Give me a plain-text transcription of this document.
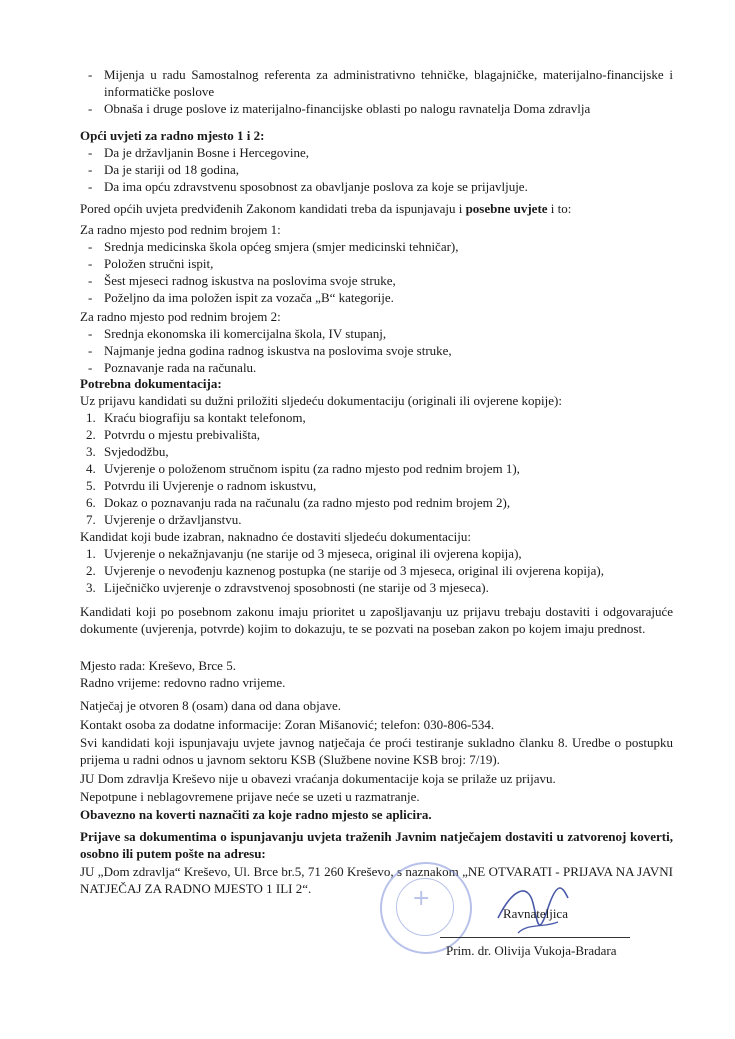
- Mijenja u radu Samostalnog referenta za administrativno tehničke, blagajničke, materijalno-financijske i informatičke poslove
- Obnaša i druge poslove iz materijalno-financijske oblasti po nalogu ravnatelja Doma zdravlja

Opći uvjeti za radno mjesto 1 i 2:

- Da je državljanin Bosne i Hercegovine,
- Da je stariji od 18 godina,
- Da ima opću zdravstvenu sposobnost za obavljanje poslova za koje se prijavljuje.

Pored općih uvjeta predviđenih Zakonom kandidati treba da ispunjavaju i posebne uvjete i to:

Za radno mjesto pod rednim brojem 1:

- Srednja medicinska škola općeg smjera (smjer medicinski tehničar),
- Položen stručni ispit,
- Šest mjeseci radnog iskustva na poslovima svoje struke,
- Poželjno da ima položen ispit za vozača „B“ kategorije.

Za radno mjesto pod rednim brojem 2:

- Srednja ekonomska ili komercijalna škola, IV stupanj,
- Najmanje jedna godina radnog iskustva na poslovima svoje struke,
- Poznavanje rada na računalu.

Potrebna dokumentacija:

Uz prijavu kandidati su dužni priložiti sljedeću dokumentaciju (originali ili ovjerene kopije):

1. Kraću biografiju sa kontakt telefonom,
2. Potvrdu o mjestu prebivališta,
3. Svjedodžbu,
4. Uvjerenje o položenom stručnom ispitu (za radno mjesto pod rednim brojem 1),
5. Potvrdu ili Uvjerenje o radnom iskustvu,
6. Dokaz o poznavanju rada na računalu (za radno mjesto pod rednim brojem 2),
7. Uvjerenje o državljanstvu.

Kandidat koji bude izabran, naknadno će dostaviti sljedeću dokumentaciju:

1. Uvjerenje o nekažnjavanju (ne starije od 3 mjeseca, original ili ovjerena kopija),
2. Uvjerenje o nevođenju kaznenog postupka (ne starije od 3 mjeseca, original ili ovjerena kopija),
3. Liječničko uvjerenje o zdravstvenoj sposobnosti (ne starije od 3 mjeseca).

Kandidati koji po posebnom zakonu imaju prioritet u zapošljavanju uz prijavu trebaju dostaviti i odgovarajuće dokumente (uvjerenja, potvrde) kojim to dokazuju, te se pozvati na poseban zakon po kojem imaju prednost.

Mjesto rada: Kreševo, Brce 5.

Radno vrijeme: redovno radno vrijeme.

Natječaj je otvoren 8 (osam) dana od dana objave.

Kontakt osoba za dodatne informacije: Zoran Mišanović; telefon: 030-806-534.

Svi kandidati koji ispunjavaju uvjete javnog natječaja će proći testiranje sukladno članku 8. Uredbe o postupku prijema u radni odnos u javnom sektoru KSB (Službene novine KSB broj: 7/19).

JU Dom zdravlja Kreševo nije u obavezi vraćanja dokumentacije koja se prilaže uz prijavu.

Nepotpune i neblagovremene prijave neće se uzeti u razmatranje.

Obavezno na koverti naznačiti za koje radno mjesto se aplicira.

Prijave sa dokumentima o ispunjavanju uvjeta traženih Javnim natječajem dostaviti u zatvorenoj koverti, osobno ili putem pošte na adresu:

JU „Dom zdravlja“ Kreševo, Ul. Brce br.5, 71 260 Kreševo, s naznakom „NE OTVARATI - PRIJAVA NA JAVNI NATJEČAJ ZA RADNO MJESTO 1 ILI 2“.	+

Ravnateljica

Prim. dr. Olivija Vukoja-Bradara
